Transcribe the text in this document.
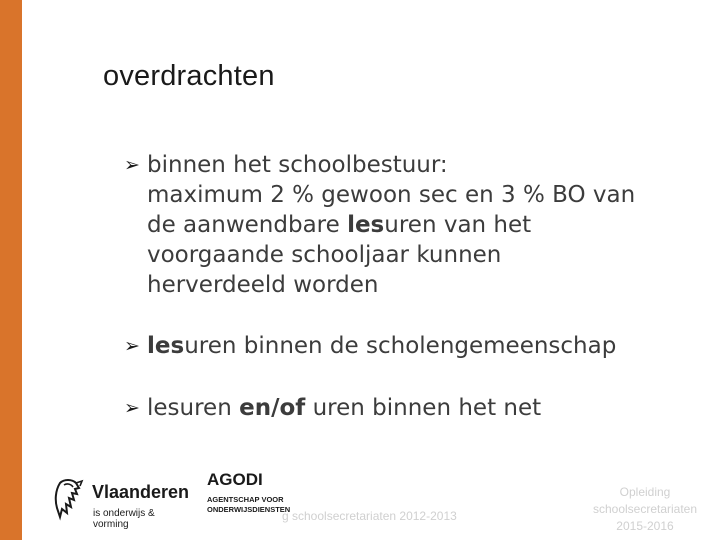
overdrachten
➢ binnen het schoolbestuur:
maximum 2 % gewoon sec en 3 % BO van
de aanwendbare lesuren van het
voorgaande schooljaar kunnen
herverdeeld worden
➢ lesuren binnen de scholengemeenschap
➢ lesuren en/of uren binnen het net
Vlaanderen
is onderwijs & vorming
AGODI
AGENTSCHAP VOOR
ONDERWIJSDIENSTEN
g schoolsecretariaten 2012-2013
Opleiding
schoolsecretariaten
2015-2016
